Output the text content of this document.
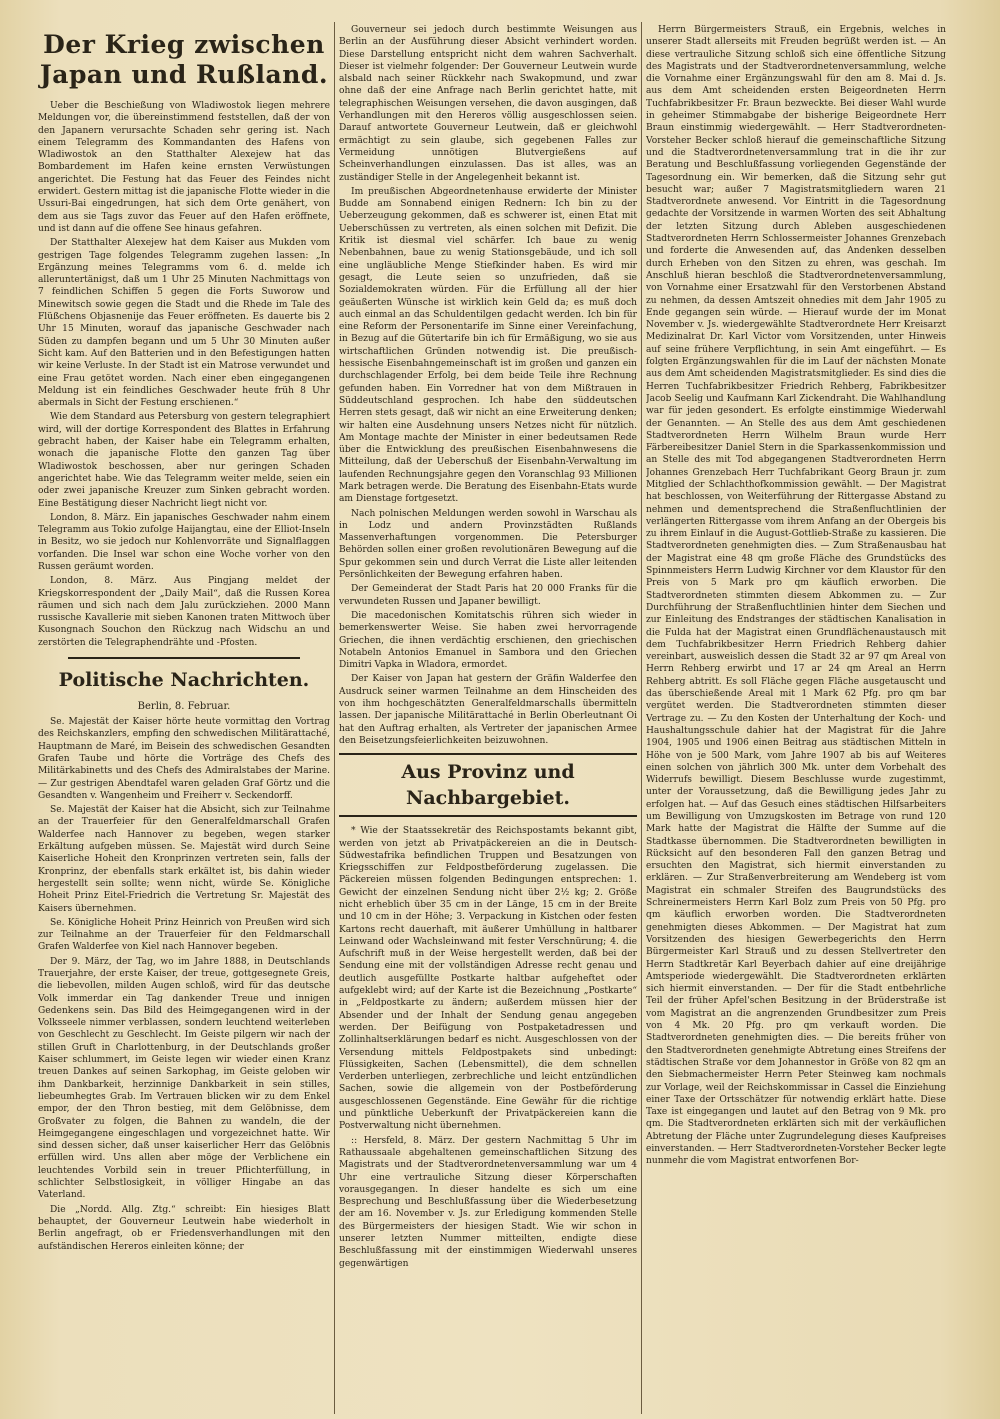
Der Krieg zwischen Japan und Rußland.

Ueber die Beschießung von Wladiwostok liegen mehrere Meldungen vor, die übereinstimmend feststellen, daß der von den Japanern verursachte Schaden sehr gering ist. Nach einem Telegramm des Kommandanten des Hafens von Wladiwostok an den Statthalter Alexejew hat das Bombardement im Hafen keine ernsten Verwüstungen angerichtet. Die Festung hat das Feuer des Feindes nicht erwidert. Gestern mittag ist die japanische Flotte wieder in die Ussuri-Bai eingedrungen, hat sich dem Orte genähert, von dem aus sie Tags zuvor das Feuer auf den Hafen eröffnete, und ist dann auf die offene See hinaus gefahren.

Der Statthalter Alexejew hat dem Kaiser aus Mukden vom gestrigen Tage folgendes Telegramm zugehen lassen: „In Ergänzung meines Telegramms vom 6. d. melde ich alleruntertänigst, daß um 1 Uhr 25 Minuten Nachmittags von 7 feindlichen Schiffen 5 gegen die Forts Suworow und Minewitsch sowie gegen die Stadt und die Rhede im Tale des Flüßchens Objasnenije das Feuer eröffneten. Es dauerte bis 2 Uhr 15 Minuten, worauf das japanische Geschwader nach Süden zu dampfen begann und um 5 Uhr 30 Minuten außer Sicht kam. Auf den Batterien und in den Befestigungen hatten wir keine Verluste. In der Stadt ist ein Matrose verwundet und eine Frau getötet worden. Nach einer eben eingegangenen Meldung ist ein feindliches Geschwader heute früh 8 Uhr abermals in Sicht der Festung erschienen.“

Wie dem Standard aus Petersburg von gestern telegraphiert wird, will der dortige Korrespondent des Blattes in Erfahrung gebracht haben, der Kaiser habe ein Telegramm erhalten, wonach die japanische Flotte den ganzen Tag über Wladiwostok beschossen, aber nur geringen Schaden angerichtet habe. Wie das Telegramm weiter melde, seien ein oder zwei japanische Kreuzer zum Sinken gebracht worden. Eine Bestätigung dieser Nachricht liegt nicht vor.

London, 8. März. Ein japanisches Geschwader nahm einem Telegramm aus Tokio zufolge Haijangtau, eine der Elliot-Inseln in Besitz, wo sie jedoch nur Kohlenvorräte und Signalflaggen vorfanden. Die Insel war schon eine Woche vorher von den Russen geräumt worden.

London, 8. März. Aus Pingjang meldet der Kriegskorrespondent der „Daily Mail“, daß die Russen Korea räumen und sich nach dem Jalu zurückziehen. 2000 Mann russische Kavallerie mit sieben Kanonen traten Mittwoch über Kusongnach Souchon den Rückzug nach Widschu an und zerstörten die Telegraphendrähte und -Pfosten.

Politische Nachrichten.
Berlin, 8. Februar.

Se. Majestät der Kaiser hörte heute vormittag den Vortrag des Reichskanzlers, empfing den schwedischen Militärattaché, Hauptmann de Maré, im Beisein des schwedischen Gesandten Grafen Taube und hörte die Vorträge des Chefs des Militärkabinetts und des Chefs des Admiralstabes der Marine. — Zur gestrigen Abendtafel waren geladen Graf Görtz und die Gesandten v. Wangenheim und Freiherr v. Seckendorff.

Se. Majestät der Kaiser hat die Absicht, sich zur Teilnahme an der Trauerfeier für den Generalfeldmarschall Grafen Walderfee nach Hannover zu begeben, wegen starker Erkältung aufgeben müssen. Se. Majestät wird durch Seine Kaiserliche Hoheit den Kronprinzen vertreten sein, falls der Kronprinz, der ebenfalls stark erkältet ist, bis dahin wieder hergestellt sein sollte; wenn nicht, würde Se. Königliche Hoheit Prinz Eitel-Friedrich die Vertretung Sr. Majestät des Kaisers übernehmen.

Se. Königliche Hoheit Prinz Heinrich von Preußen wird sich zur Teilnahme an der Trauerfeier für den Feldmarschall Grafen Walderfee von Kiel nach Hannover begeben.

Der 9. März, der Tag, wo im Jahre 1888, in Deutschlands Trauerjahre, der erste Kaiser, der treue, gottgesegnete Greis, die liebevollen, milden Augen schloß, wird für das deutsche Volk immerdar ein Tag dankender Treue und innigen Gedenkens sein. Das Bild des Heimgegangenen wird in der Volksseele nimmer verblassen, sondern leuchtend weiterleben von Geschlecht zu Geschlecht. Im Geiste pilgern wir nach der stillen Gruft in Charlottenburg, in der Deutschlands großer Kaiser schlummert, im Geiste legen wir wieder einen Kranz treuen Dankes auf seinen Sarkophag, im Geiste geloben wir ihm Dankbarkeit, herzinnige Dankbarkeit in sein stilles, liebeumhegtes Grab. Im Vertrauen blicken wir zu dem Enkel empor, der den Thron bestieg, mit dem Gelöbnisse, dem Großvater zu folgen, die Bahnen zu wandeln, die der Heimgegangene eingeschlagen und vorgezeichnet hatte. Wir sind dessen sicher, daß unser kaiserlicher Herr das Gelöbnis erfüllen wird. Uns allen aber möge der Verblichene ein leuchtendes Vorbild sein in treuer Pflichterfüllung, in schlichter Selbstlosigkeit, in völliger Hingabe an das Vaterland.

Die „Nordd. Allg. Ztg.“ schreibt: Ein hiesiges Blatt behauptet, der Gouverneur Leutwein habe wiederholt in Berlin angefragt, ob er Friedensverhandlungen mit den aufständischen Hereros einleiten könne; der

Gouverneur sei jedoch durch bestimmte Weisungen aus Berlin an der Ausführung dieser Absicht verhindert worden. Diese Darstellung entspricht nicht dem wahren Sachverhalt. Dieser ist vielmehr folgender: Der Gouverneur Leutwein wurde alsbald nach seiner Rückkehr nach Swakopmund, und zwar ohne daß der eine Anfrage nach Berlin gerichtet hatte, mit telegraphischen Weisungen versehen, die davon ausgingen, daß Verhandlungen mit den Hereros völlig ausgeschlossen seien. Darauf antwortete Gouverneur Leutwein, daß er gleichwohl ermächtigt zu sein glaube, sich gegebenen Falles zur Vermeidung unnötigen Blutvergießens auf Scheinverhandlungen einzulassen. Das ist alles, was an zuständiger Stelle in der Angelegenheit bekannt ist.

Im preußischen Abgeordnetenhause erwiderte der Minister Budde am Sonnabend einigen Rednern: Ich bin zu der Ueberzeugung gekommen, daß es schwerer ist, einen Etat mit Ueberschüssen zu vertreten, als einen solchen mit Defizit. Die Kritik ist diesmal viel schärfer. Ich baue zu wenig Nebenbahnen, baue zu wenig Stationsgebäude, und ich soll eine ungläubliche Menge Stiefkinder haben. Es wird mir gesagt, die Leute seien so unzufrieden, daß sie Sozialdemokraten würden. Für die Erfüllung all der hier geäußerten Wünsche ist wirklich kein Geld da; es muß doch auch einmal an das Schuldentilgen gedacht werden. Ich bin für eine Reform der Personentarife im Sinne einer Vereinfachung, in Bezug auf die Gütertarife bin ich für Ermäßigung, wo sie aus wirtschaftlichen Gründen notwendig ist. Die preußisch-hessische Eisenbahngemeinschaft ist im großen und ganzen ein durchschlagender Erfolg, bei dem beide Teile ihre Rechnung gefunden haben. Ein Vorredner hat von dem Mißtrauen in Süddeutschland gesprochen. Ich habe den süddeutschen Herren stets gesagt, daß wir nicht an eine Erweiterung denken; wir halten eine Ausdehnung unsers Netzes nicht für nützlich. Am Montage machte der Minister in einer bedeutsamen Rede über die Entwicklung des preußischen Eisenbahnwesens die Mitteilung, daß der Ueberschuß der Eisenbahn-Verwaltung im laufenden Rechnungsjahre gegen den Voranschlag 93 Millionen Mark betragen werde. Die Beratung des Eisenbahn-Etats wurde am Dienstage fortgesetzt.

Nach polnischen Meldungen werden sowohl in Warschau als in Lodz und andern Provinzstädten Rußlands Massenverhaftungen vorgenommen. Die Petersburger Behörden sollen einer großen revolutionären Bewegung auf die Spur gekommen sein und durch Verrat die Liste aller leitenden Persönlichkeiten der Bewegung erfahren haben.

Der Gemeinderat der Stadt Paris hat 20 000 Franks für die verwundeten Russen und Japaner bewilligt.

Die macedonischen Komitatschis rühren sich wieder in bemerkenswerter Weise. Sie haben zwei hervorragende Griechen, die ihnen verdächtig erschienen, den griechischen Notabeln Antonios Emanuel in Sambora und den Griechen Dimitri Vapka in Wladora, ermordet.

Der Kaiser von Japan hat gestern der Gräfin Walderfee den Ausdruck seiner warmen Teilnahme an dem Hinscheiden des von ihm hochgeschätzten Generalfeldmarschalls übermitteln lassen. Der japanische Militärattaché in Berlin Oberleutnant Oi hat den Auftrag erhalten, als Vertreter der japanischen Armee den Beisetzungsfeierlichkeiten beizuwohnen.

Aus Provinz und Nachbargebiet.

* Wie der Staatssekretär des Reichspostamts bekannt gibt, werden von jetzt ab Privatpäckereien an die in Deutsch-Südwestafrika befindlichen Truppen und Besatzungen von Kriegsschiffen zur Feldpostbeförderung zugelassen. Die Päckereien müssen folgenden Bedingungen entsprechen: 1. Gewicht der einzelnen Sendung nicht über 2½ kg; 2. Größe nicht erheblich über 35 cm in der Länge, 15 cm in der Breite und 10 cm in der Höhe; 3. Verpackung in Kistchen oder festen Kartons recht dauerhaft, mit äußerer Umhüllung in haltbarer Leinwand oder Wachsleinwand mit fester Verschnürung; 4. die Aufschrift muß in der Weise hergestellt werden, daß bei der Sendung eine mit der vollständigen Adresse recht genau und deutlich ausgefüllte Postkarte haltbar aufgeheftet oder aufgeklebt wird; auf der Karte ist die Bezeichnung „Postkarte“ in „Feldpostkarte zu ändern; außerdem müssen hier der Absender und der Inhalt der Sendung genau angegeben werden. Der Beifügung von Postpaketadressen und Zollinhaltserklärungen bedarf es nicht. Ausgeschlossen von der Versendung mittels Feldpostpakets sind unbedingt: Flüssigkeiten, Sachen (Lebensmittel), die dem schnellen Verderben unterliegen, zerbrechliche und leicht entzündlichen Sachen, sowie die allgemein von der Postbeförderung ausgeschlossenen Gegenstände. Eine Gewähr für die richtige und pünktliche Ueberkunft der Privatpäckereien kann die Postverwaltung nicht übernehmen.

:: Hersfeld, 8. März. Der gestern Nachmittag 5 Uhr im Rathaussaale abgehaltenen gemeinschaftlichen Sitzung des Magistrats und der Stadtverordnetenversammlung war um 4 Uhr eine vertrauliche Sitzung dieser Körperschaften vorausgegangen. In dieser handelte es sich um eine Besprechung und Beschlußfassung über die Wiederbesetzung der am 16. November v. Js. zur Erledigung kommenden Stelle des Bürgermeisters der hiesigen Stadt. Wie wir schon in unserer letzten Nummer mitteilten, endigte diese Beschlußfassung mit der einstimmigen Wiederwahl unseres gegenwärtigen

Herrn Bürgermeisters Strauß, ein Ergebnis, welches in unserer Stadt allerseits mit Freuden begrüßt werden ist. — An diese vertrauliche Sitzung schloß sich eine öffentliche Sitzung des Magistrats und der Stadtverordnetenversammlung, welche die Vornahme einer Ergänzungswahl für den am 8. Mai d. Js. aus dem Amt scheidenden ersten Beigeordneten Herrn Tuchfabrikbesitzer Fr. Braun bezweckte. Bei dieser Wahl wurde in geheimer Stimmabgabe der bisherige Beigeordnete Herr Braun einstimmig wiedergewählt. — Herr Stadtverordneten-Vorsteher Becker schloß hierauf die gemeinschaftliche Sitzung und die Stadtverordnetenversammlung trat in die ihr zur Beratung und Beschlußfassung vorliegenden Gegenstände der Tagesordnung ein. Wir bemerken, daß die Sitzung sehr gut besucht war; außer 7 Magistratsmitgliedern waren 21 Stadtverordnete anwesend. Vor Eintritt in die Tagesordnung gedachte der Vorsitzende in warmen Worten des seit Abhaltung der letzten Sitzung durch Ableben ausgeschiedenen Stadtverordneten Herrn Schlossermeister Johannes Grenzebach und forderte die Anwesenden auf, das Andenken desselben durch Erheben von den Sitzen zu ehren, was geschah. Im Anschluß hieran beschloß die Stadtverordnetenversammlung, von Vornahme einer Ersatzwahl für den Verstorbenen Abstand zu nehmen, da dessen Amtszeit ohnedies mit dem Jahr 1905 zu Ende gegangen sein würde. — Hierauf wurde der im Monat November v. Js. wiedergewählte Stadtverordnete Herr Kreisarzt Medizinalrat Dr. Karl Victor vom Vorsitzenden, unter Hinweis auf seine frühere Verpflichtung, in sein Amt eingeführt. — Es folgten Ergänzungswahlen für die im Lauf der nächsten Monate aus dem Amt scheidenden Magistratsmitglieder. Es sind dies die Herren Tuchfabrikbesitzer Friedrich Rehberg, Fabrikbesitzer Jacob Seelig und Kaufmann Karl Zickendraht. Die Wahlhandlung war für jeden gesondert. Es erfolgte einstimmige Wiederwahl der Genannten. — An Stelle des aus dem Amt geschiedenen Stadtverordneten Herrn Wilhelm Braun wurde Herr Färbereibesitzer Daniel Stern in die Sparkassenkommission und an Stelle des mit Tod abgegangenen Stadtverordneten Herrn Johannes Grenzebach Herr Tuchfabrikant Georg Braun jr. zum Mitglied der Schlachthofkommission gewählt. — Der Magistrat hat beschlossen, von Weiterführung der Rittergasse Abstand zu nehmen und dementsprechend die Straßenfluchtlinien der verlängerten Rittergasse vom ihrem Anfang an der Obergeis bis zu ihrem Einlauf in die August-Gottlieb-Straße zu kassieren. Die Stadtverordneten genehmigten dies. — Zum Straßenausbau hat der Magistrat eine 48 qm große Fläche des Grundstücks des Spinnmeisters Herrn Ludwig Kirchner vor dem Klaustor für den Preis von 5 Mark pro qm käuflich erworben. Die Stadtverordneten stimmten diesem Abkommen zu. — Zur Durchführung der Straßenfluchtlinien hinter dem Siechen und zur Einleitung des Endstranges der städtischen Kanalisation in die Fulda hat der Magistrat einen Grundflächenaustausch mit dem Tuchfabrikbesitzer Herrn Friedrich Rehberg dahier vereinbart, ausweislich dessen die Stadt 32 ar 97 qm Areal von Herrn Rehberg erwirbt und 17 ar 24 qm Areal an Herrn Rehberg abtritt. Es soll Fläche gegen Fläche ausgetauscht und das überschießende Areal mit 1 Mark 62 Pfg. pro qm bar vergütet werden. Die Stadtverordneten stimmten dieser Vertrage zu. — Zu den Kosten der Unterhaltung der Koch- und Haushaltungsschule dahier hat der Magistrat für die Jahre 1904, 1905 und 1906 einen Beitrag aus städtischen Mitteln in Höhe von je 500 Mark, vom Jahre 1907 ab bis auf Weiteres einen solchen von jährlich 300 Mk. unter dem Vorbehalt des Widerrufs bewilligt. Diesem Beschlusse wurde zugestimmt, unter der Voraussetzung, daß die Bewilligung jedes Jahr zu erfolgen hat. — Auf das Gesuch eines städtischen Hilfsarbeiters um Bewilligung von Umzugskosten im Betrage von rund 120 Mark hatte der Magistrat die Hälfte der Summe auf die Stadtkasse übernommen. Die Stadtverordneten bewilligten in Rücksicht auf den besonderen Fall den ganzen Betrag und ersuchten den Magistrat, sich hiermit einverstanden zu erklären. — Zur Straßenverbreiterung am Wendeberg ist vom Magistrat ein schmaler Streifen des Baugrundstücks des Schreinermeisters Herrn Karl Bolz zum Preis von 50 Pfg. pro qm käuflich erworben worden. Die Stadtverordneten genehmigten dieses Abkommen. — Der Magistrat hat zum Vorsitzenden des hiesigen Gewerbegerichts den Herrn Bürgermeister Karl Strauß und zu dessen Stellvertreter den Herrn Stadtkretär Karl Beyerbach dahier auf eine dreijährige Amtsperiode wiedergewählt. Die Stadtverordneten erklärten sich hiermit einverstanden. — Der für die Stadt entbehrliche Teil der früher Apfel'schen Besitzung in der Brüderstraße ist vom Magistrat an die angrenzenden Grundbesitzer zum Preis von 4 Mk. 20 Pfg. pro qm verkauft worden. Die Stadtverordneten genehmigten dies. — Die bereits früher von den Stadtverordneten genehmigte Abtretung eines Streifens der städtischen Straße vor dem Johannestor in Größe von 82 qm an den Siebmachermeister Herrn Peter Steinweg kam nochmals zur Vorlage, weil der Reichskommissar in Cassel die Einziehung einer Taxe der Ortsschätzer für notwendig erklärt hatte. Diese Taxe ist eingegangen und lautet auf den Betrag von 9 Mk. pro qm. Die Stadtverordneten erklärten sich mit der verkäuflichen Abtretung der Fläche unter Zugrundelegung dieses Kaufpreises einverstanden. — Herr Stadtverordneten-Vorsteher Becker legte nunmehr die vom Magistrat entworfenen Bor-
